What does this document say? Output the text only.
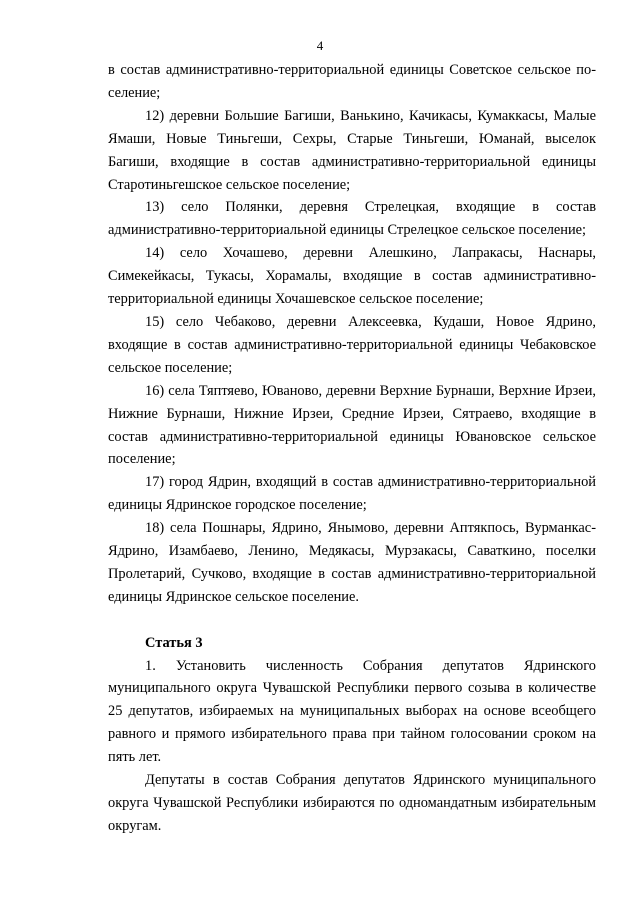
4

в состав административно-территориальной единицы Советское сельское по-селение;

12) деревни Большие Багиши, Ванькино, Качикасы, Кумаккасы, Малые Ямаши, Новые Тиньгеши, Сехры, Старые Тиньгеши, Юманай, выселок Багиши, входящие в состав административно-территориальной единицы Старотиньгешское сельское поселение;

13) село Полянки, деревня Стрелецкая, входящие в состав административно-территориальной единицы Стрелецкое сельское поселение;

14) село Хочашево, деревни Алешкино, Лапракасы, Наснары, Симекейкасы, Тукасы, Хорамалы, входящие в состав административно-территориальной единицы Хочашевское сельское поселение;

15) село Чебаково, деревни Алексеевка, Кудаши, Новое Ядрино, входящие в состав административно-территориальной единицы Чебаковское сельское поселение;

16) села Тяптяево, Юваново, деревни Верхние Бурнаши, Верхние Ирзеи, Нижние Бурнаши, Нижние Ирзеи, Средние Ирзеи, Сятраево, входящие в состав административно-территориальной единицы Ювановское сельское поселение;

17) город Ядрин, входящий в состав административно-территориальной единицы Ядринское городское поселение;

18) села Пошнары, Ядрино, Янымово, деревни Аптякпось, Вурманкас-Ядрино, Изамбаево, Ленино, Медякасы, Мурзакасы, Саваткино, поселки Пролетарий, Сучково, входящие в состав административно-территориальной единицы Ядринское сельское поселение.

Статья 3

1. Установить численность Собрания депутатов Ядринского муниципального округа Чувашской Республики первого созыва в количестве 25 депутатов, избираемых на муниципальных выборах на основе всеобщего равного и прямого избирательного права при тайном голосовании сроком на пять лет.

Депутаты в состав Собрания депутатов Ядринского муниципального округа Чувашской Республики избираются по одномандатным избирательным округам.
